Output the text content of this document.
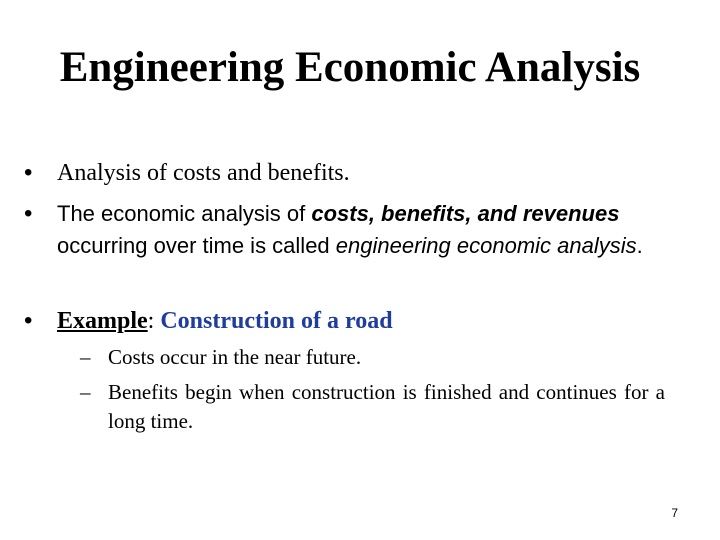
Engineering Economic Analysis
• Analysis of costs and benefits.
• The economic analysis of costs, benefits, and revenues occurring over time is called engineering economic analysis.
• Example: Construction of a road
– Costs occur in the near future.
– Benefits begin when construction is finished and continues for a long time.
7
